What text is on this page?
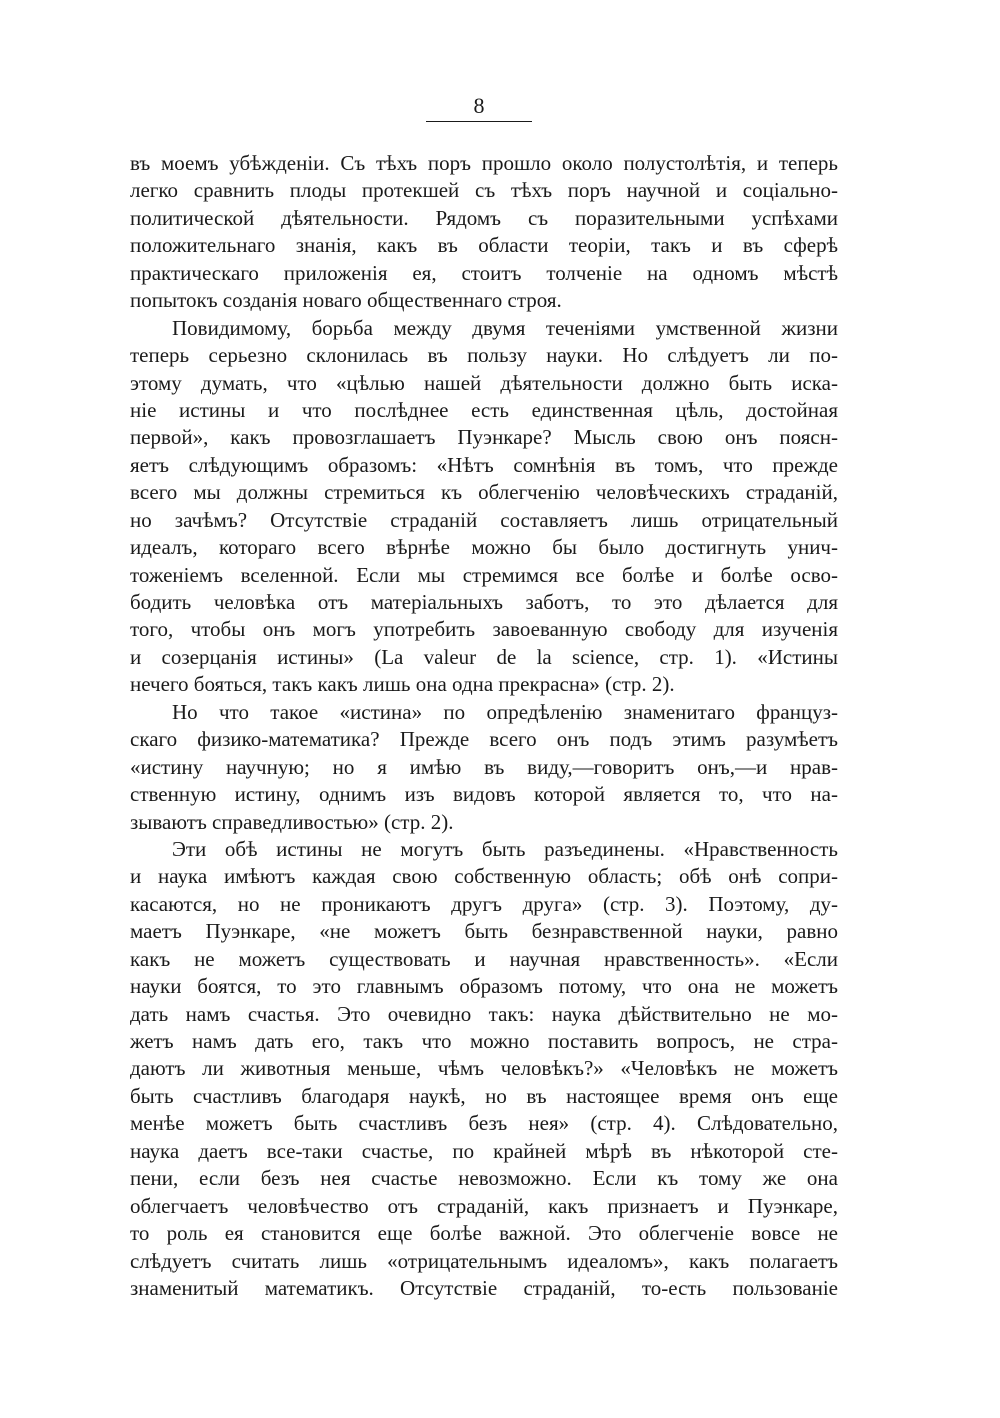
8
въ моемъ убѣжденіи. Съ тѣхъ поръ прошло около полустолѣтія, и теперь
легко сравнить плоды протекшей съ тѣхъ поръ научной и соціально-
политической дѣятельности. Рядомъ съ поразительными успѣхами
положительнаго знанія, какъ въ области теоріи, такъ и въ сферѣ
практическаго приложенія ея, стоитъ толченіе на одномъ мѣстѣ
попытокъ созданія новаго общественнаго строя.
Повидимому, борьба между двумя теченіями умственной жизни
теперь серьезно склонилась въ пользу науки. Но слѣдуетъ ли по-
этому думать, что «цѣлью нашей дѣятельности должно быть иска-
ніе истины и что послѣднее есть единственная цѣль, достойная
первой», какъ провозглашаетъ Пуэнкаре? Мысль свою онъ поясн-
яетъ слѣдующимъ образомъ: «Нѣтъ сомнѣнія въ томъ, что прежде
всего мы должны стремиться къ облегченію человѣческихъ страданій,
но зачѣмъ? Отсутствіе страданій составляетъ лишь отрицательный
идеалъ, котораго всего вѣрнѣе можно бы было достигнуть унич-
тоженіемъ вселенной. Если мы стремимся все болѣе и болѣе осво-
бодить человѣка отъ матеріальныхъ заботъ, то это дѣлается для
того, чтобы онъ могъ употребить завоеванную свободу для изученія
и созерцанія истины» (La valeur de la science, стр. 1). «Истины
нечего бояться, такъ какъ лишь она одна прекрасна» (стр. 2).
Но что такое «истина» по опредѣленію знаменитаго француз-
скаго физико-математика? Прежде всего онъ подъ этимъ разумѣетъ
«истину научную; но я имѣю въ виду,—говоритъ онъ,—и нрав-
ственную истину, однимъ изъ видовъ которой является то, что на-
зываютъ справедливостью» (стр. 2).
Эти обѣ истины не могутъ быть разъединены. «Нравственность
и наука имѣютъ каждая свою собственную область; обѣ онѣ сопри-
касаются, но не проникаютъ другъ друга» (стр. 3). Поэтому, ду-
маетъ Пуэнкаре, «не можетъ быть безнравственной науки, равно
какъ не можетъ существовать и научная нравственность». «Если
науки боятся, то это главнымъ образомъ потому, что она не можетъ
дать намъ счастья. Это очевидно такъ: наука дѣйствительно не мо-
жетъ намъ дать его, такъ что можно поставить вопросъ, не стра-
даютъ ли животныя меньше, чѣмъ человѣкъ?» «Человѣкъ не можетъ
быть счастливъ благодаря наукѣ, но въ настоящее время онъ еще
менѣе можетъ быть счастливъ безъ нея» (стр. 4). Слѣдовательно,
наука даетъ все-таки счастье, по крайней мѣрѣ въ нѣкоторой сте-
пени, если безъ нея счастье невозможно. Если къ тому же она
облегчаетъ человѣчество отъ страданій, какъ признаетъ и Пуэнкаре,
то роль ея становится еще болѣе важной. Это облегченіе вовсе не
слѣдуетъ считать лишь «отрицательнымъ идеаломъ», какъ полагаетъ
знаменитый математикъ. Отсутствіе страданій, то-есть пользованіе
